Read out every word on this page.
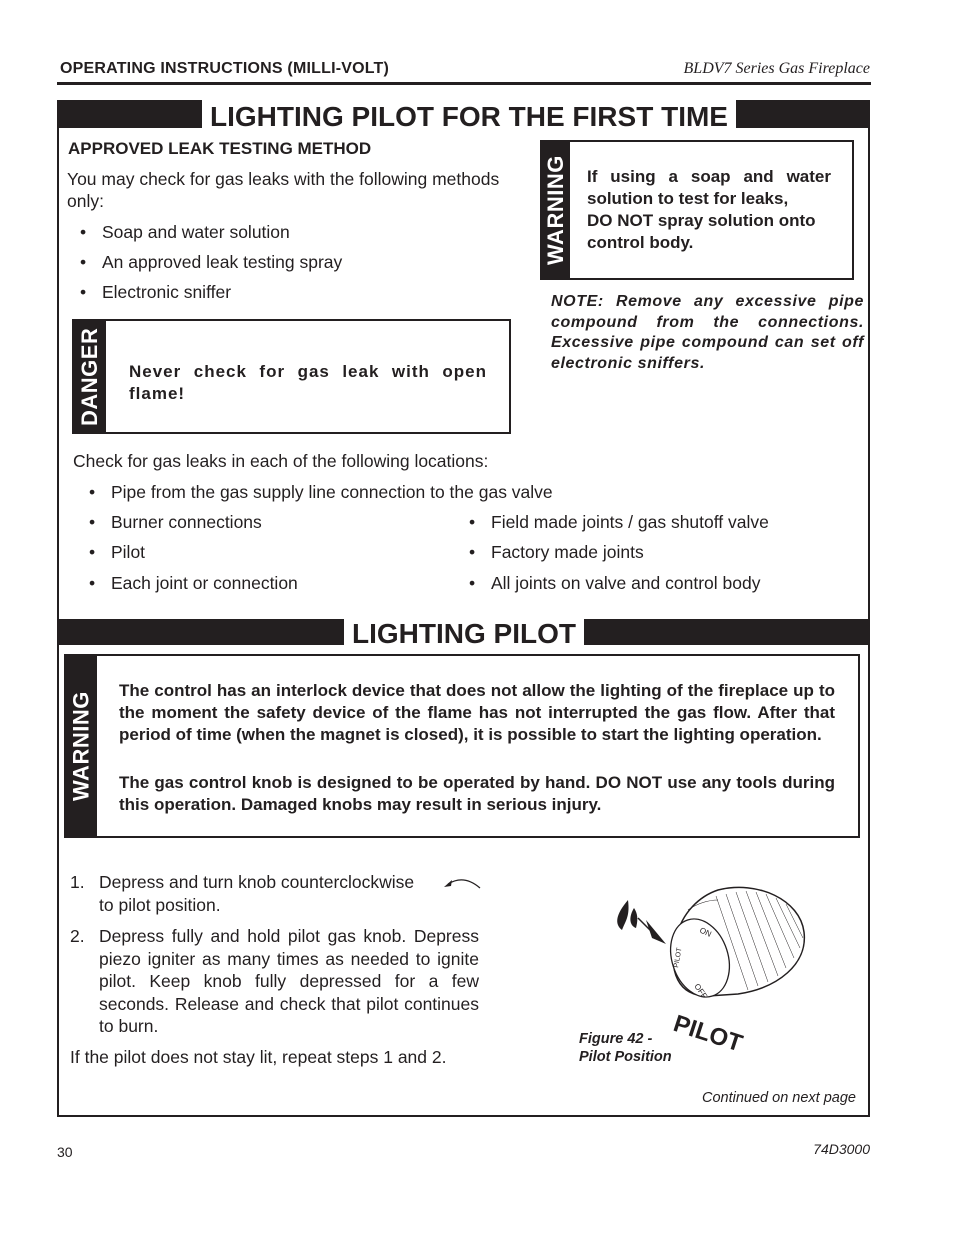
OPERATING INSTRUCTIONS (MILLI-VOLT)	BLDV7 Series Gas Fireplace
LIGHTING PILOT FOR THE FIRST TIME
APPROVED LEAK TESTING METHOD
You may check for gas leaks with the following methods only:
• Soap and water solution
• An approved leak testing spray
• Electronic sniffer
WARNING If using a soap and water solution to test for leaks,
DO NOT spray solution onto control body.
NOTE: Remove any excessive pipe compound from the connections. Excessive pipe compound can set off electronic sniffers.
DANGER Never check for gas leak with open flame!
Check for gas leaks in each of the following locations:
• Pipe from the gas supply line connection to the gas valve
• Burner connections
• Pilot
• Each joint or connection
• Field made joints / gas shutoff valve
• Factory made joints
• All joints on valve and control body
LIGHTING PILOT
WARNING
The control has an interlock device that does not allow the lighting of the fireplace up to the moment the safety device of the flame has not interrupted the gas flow. After that period of time (when the magnet is closed), it is possible to start the lighting operation.
The gas control knob is designed to be operated by hand. DO NOT use any tools during this operation. Damaged knobs may result in serious injury.
1. Depress and turn knob counterclockwise

to pilot position.
2. Depress fully and hold pilot gas knob. Depress piezo igniter as many times as needed to ignite pilot. Keep knob fully depressed for a few seconds. Release and check that pilot continues to burn.
If the pilot does not stay lit, repeat steps 1 and 2.
ON
PILOT
OFF
PILOT
Figure 42 -
Pilot Position
Continued on next page
30	74D3000
